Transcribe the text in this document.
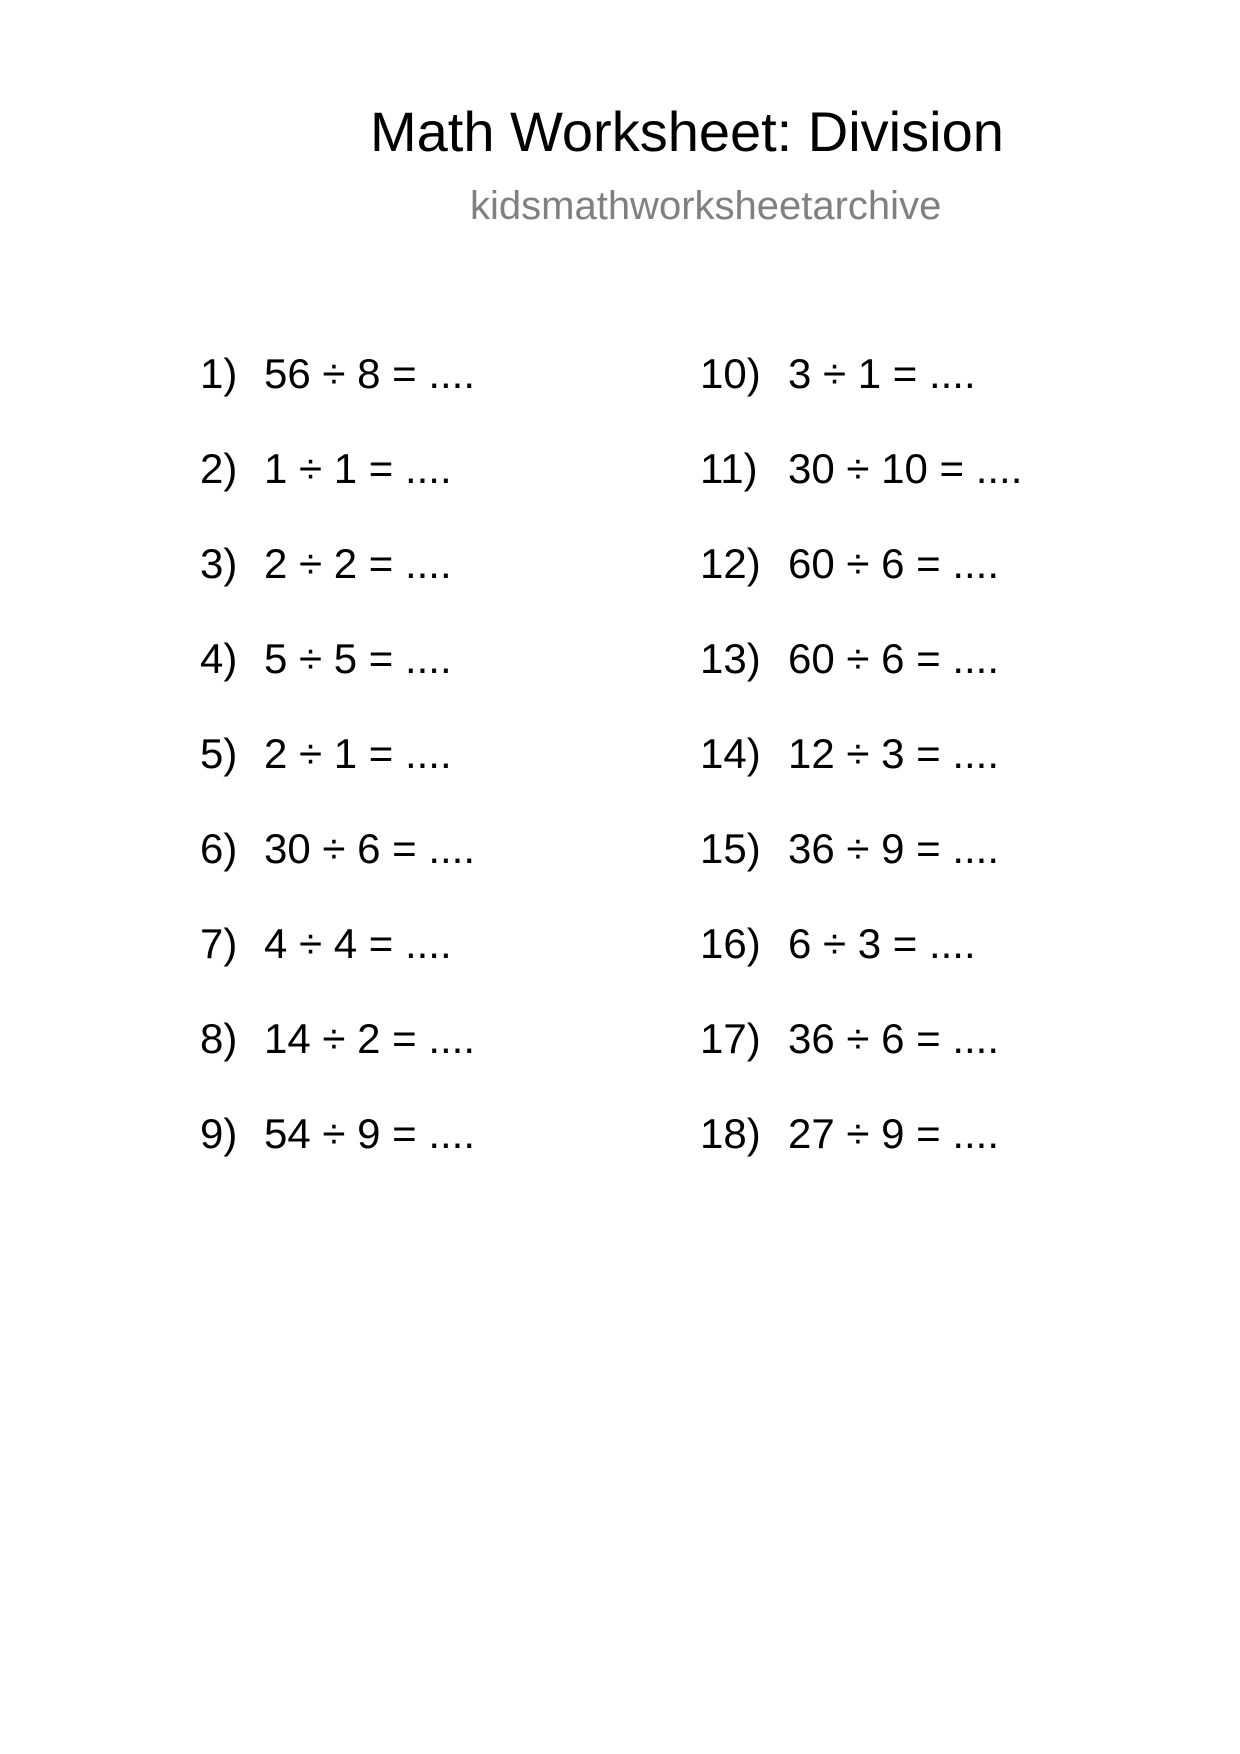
Math Worksheet: Division
kidsmathworksheetarchive
1) 56 ÷ 8 = ....
2) 1 ÷ 1 = ....
3) 2 ÷ 2 = ....
4) 5 ÷ 5 = ....
5) 2 ÷ 1 = ....
6) 30 ÷ 6 = ....
7) 4 ÷ 4 = ....
8) 14 ÷ 2 = ....
9) 54 ÷ 9 = ....
10) 3 ÷ 1 = ....
11) 30 ÷ 10 = ....
12) 60 ÷ 6 = ....
13) 60 ÷ 6 = ....
14) 12 ÷ 3 = ....
15) 36 ÷ 9 = ....
16) 6 ÷ 3 = ....
17) 36 ÷ 6 = ....
18) 27 ÷ 9 = ....
